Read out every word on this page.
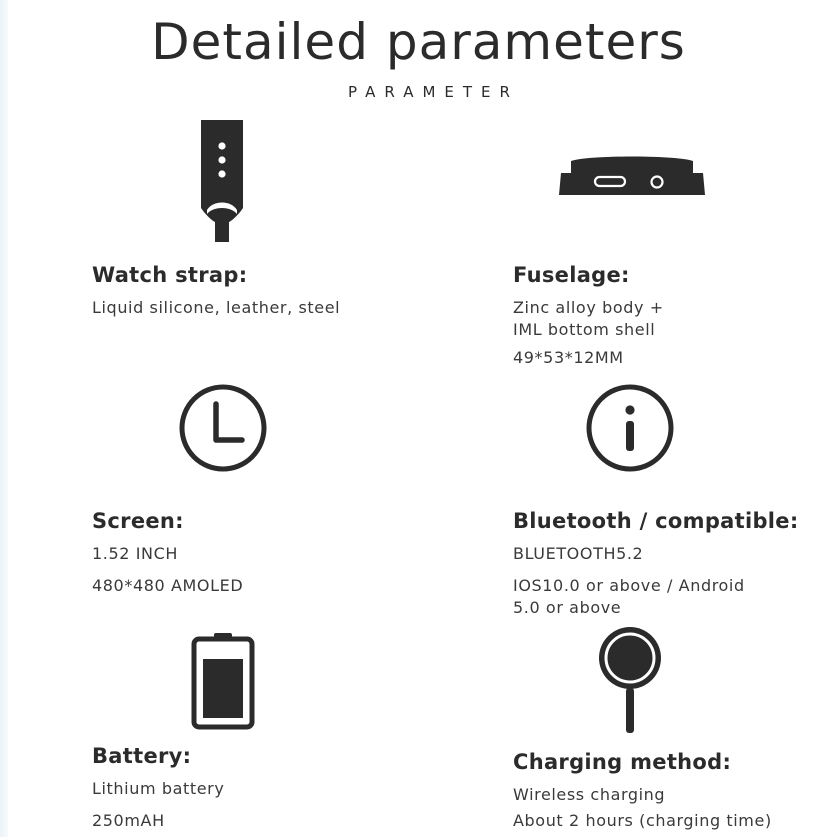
Detailed parameters
PARAMETER
Watch strap:
Liquid silicone, leather, steel
Fuselage:
Zinc alloy body +
IML bottom shell
49*53*12MM
Screen:
1.52 INCH
480*480 AMOLED
Bluetooth / compatible:
BLUETOOTH5.2
IOS10.0 or above / Android
5.0 or above
Battery:
Lithium battery
250mAH
Charging method:
Wireless charging
About 2 hours (charging time)
